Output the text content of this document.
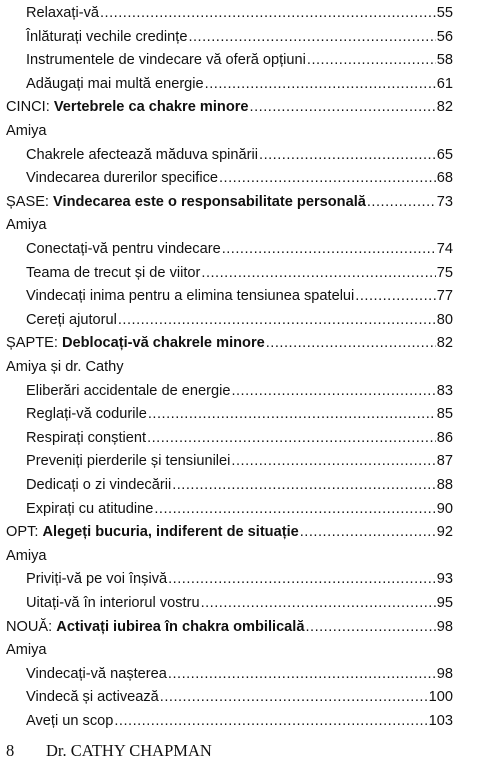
Relaxați-vă .....	55
Înlăturați vechile credințe .....	56
Instrumentele de vindecare vă oferă opțiuni .....	58
Adăugați mai multă energie .....	61
CINCI: Vertebrele ca chakre minore .....	82
Amiya
Chakrele afectează măduva spinării .....	65
Vindecarea durerilor specifice .....	68
ȘASE: Vindecarea este o responsabilitate personală .....	73
Amiya
Conectați-vă pentru vindecare .....	74
Teama de trecut și de viitor .....	75
Vindecați inima pentru a elimina tensiunea spatelui .....	77
Cereți ajutorul .....	80
ȘAPTE: Deblocați-vă chakrele minore .....	82
Amiya și dr. Cathy
Eliberări accidentale de energie .....	83
Reglați-vă codurile .....	85
Respirați conștient .....	86
Preveniți pierderile și tensiunilei .....	87
Dedicați o zi vindecării .....	88
Expirați cu atitudine .....	90
OPT: Alegeți bucuria, indiferent de situație .....	92
Amiya
Priviți-vă pe voi înșivă .....	93
Uitați-vă în interiorul vostru .....	95
NOUĂ: Activați iubirea în chakra ombilicală .....	98
Amiya
Vindecați-vă nașterea .....	98
Vindecă și activează .....	100
Aveți un scop .....	103
8 Dr. CATHY CHAPMAN
